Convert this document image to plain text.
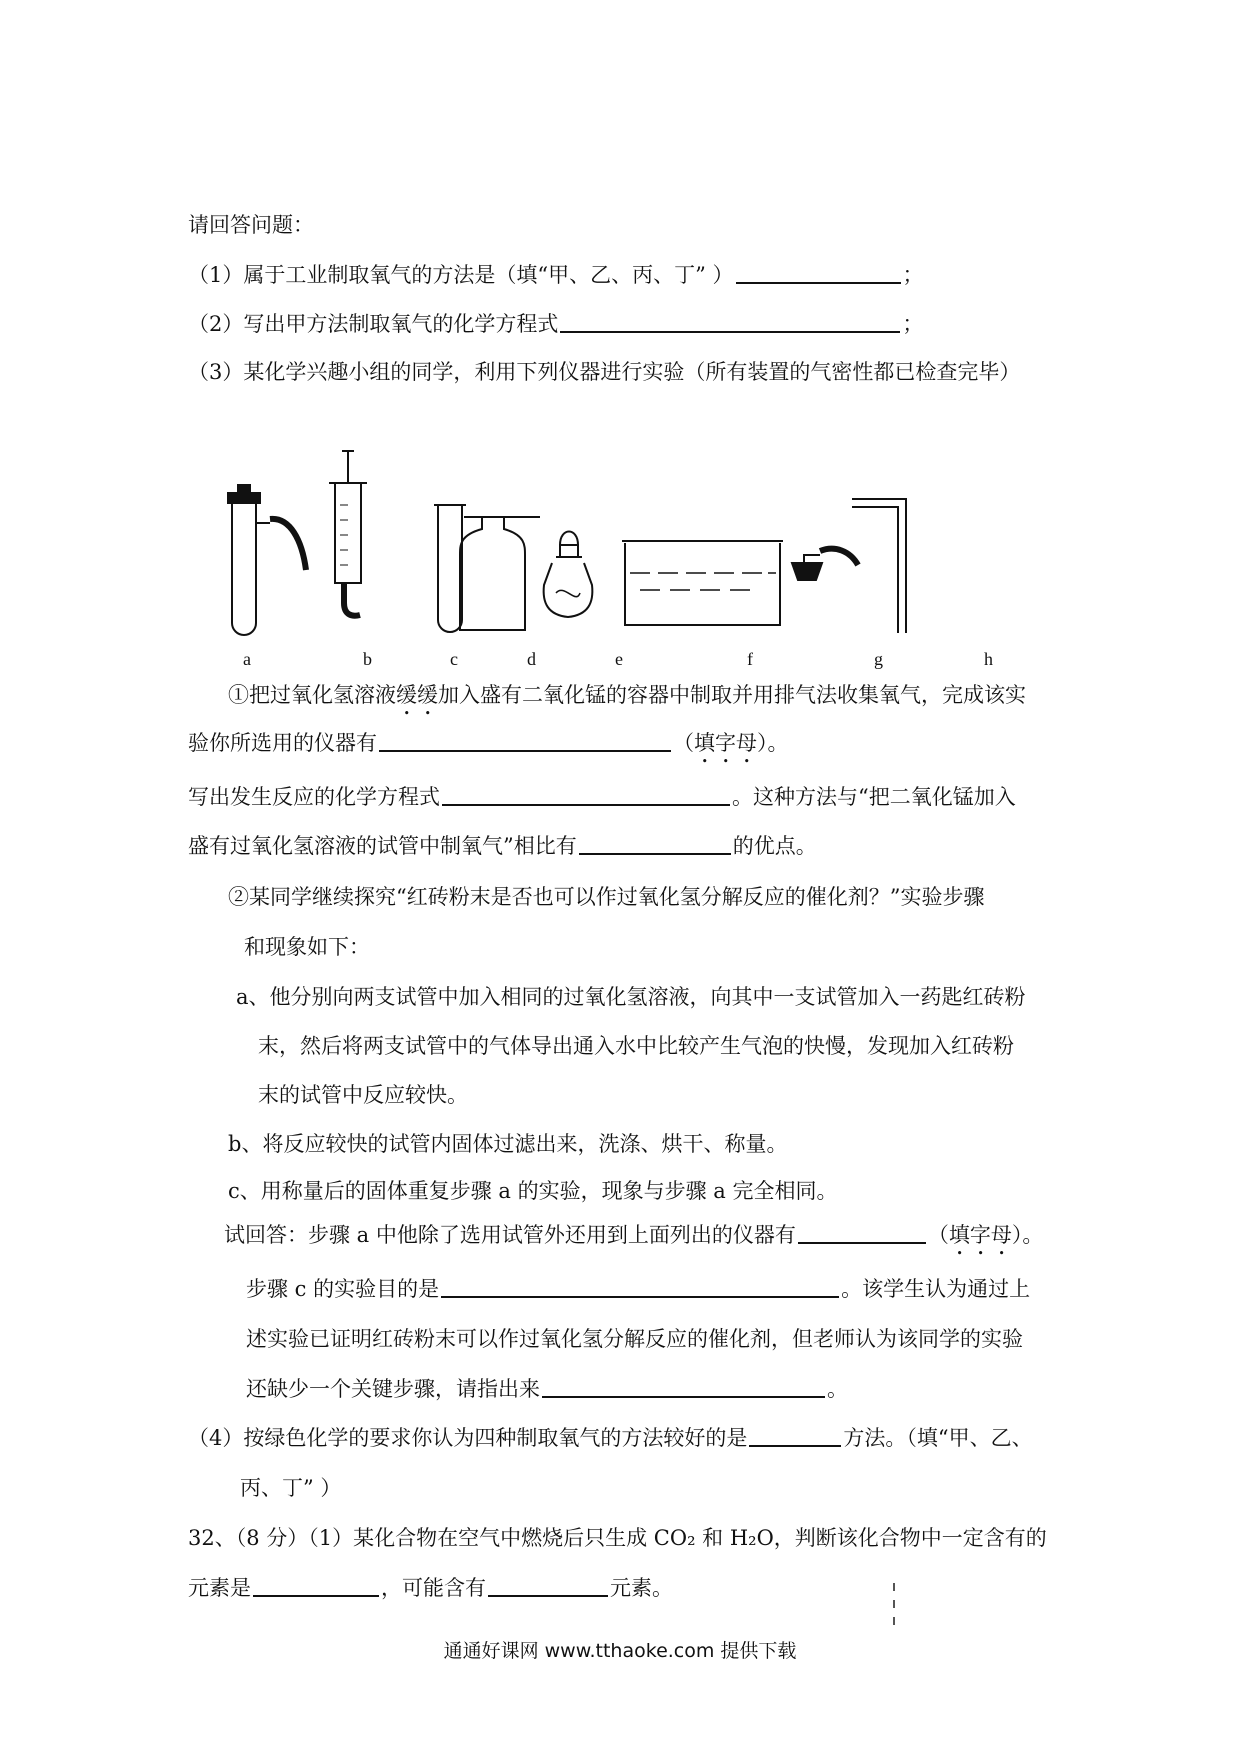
请回答问题：
（1）属于工业制取氧气的方法是（填“甲、乙、丙、丁” ）	；
（2）写出甲方法制取氧气的化学方程式	；
（3）某化学兴趣小组的同学，利用下列仪器进行实验（所有装置的气密性都已检查完毕）
a	b	c	d	e	f	g	h
①把过氧化氢溶液缓缓加入盛有二氧化锰的容器中制取并用排气法收集氧气，完成该实
验你所选用的仪器有	（填字母）。
写出发生反应的化学方程式	。这种方法与“把二氧化锰加入
盛有过氧化氢溶液的试管中制氧气”相比有	的优点。
②某同学继续探究“红砖粉末是否也可以作过氧化氢分解反应的催化剂？”实验步骤
和现象如下：
a、他分别向两支试管中加入相同的过氧化氢溶液，向其中一支试管加入一药匙红砖粉
末，然后将两支试管中的气体导出通入水中比较产生气泡的快慢，发现加入红砖粉
末的试管中反应较快。
b、将反应较快的试管内固体过滤出来，洗涤、烘干、称量。
c、用称量后的固体重复步骤 a 的实验，现象与步骤 a 完全相同。
试回答：步骤 a 中他除了选用试管外还用到上面列出的仪器有	（填字母）。
步骤 c 的实验目的是	。该学生认为通过上
述实验已证明红砖粉末可以作过氧化氢分解反应的催化剂，但老师认为该同学的实验
还缺少一个关键步骤，请指出来	。
（4）按绿色化学的要求你认为四种制取氧气的方法较好的是	方法。（填“甲、乙、
丙、丁” ）
32、（8 分）（1）某化合物在空气中燃烧后只生成 CO₂ 和 H₂O，判断该化合物中一定含有的
元素是	，可能含有	元素。
通通好课网 www.tthaoke.com 提供下载
